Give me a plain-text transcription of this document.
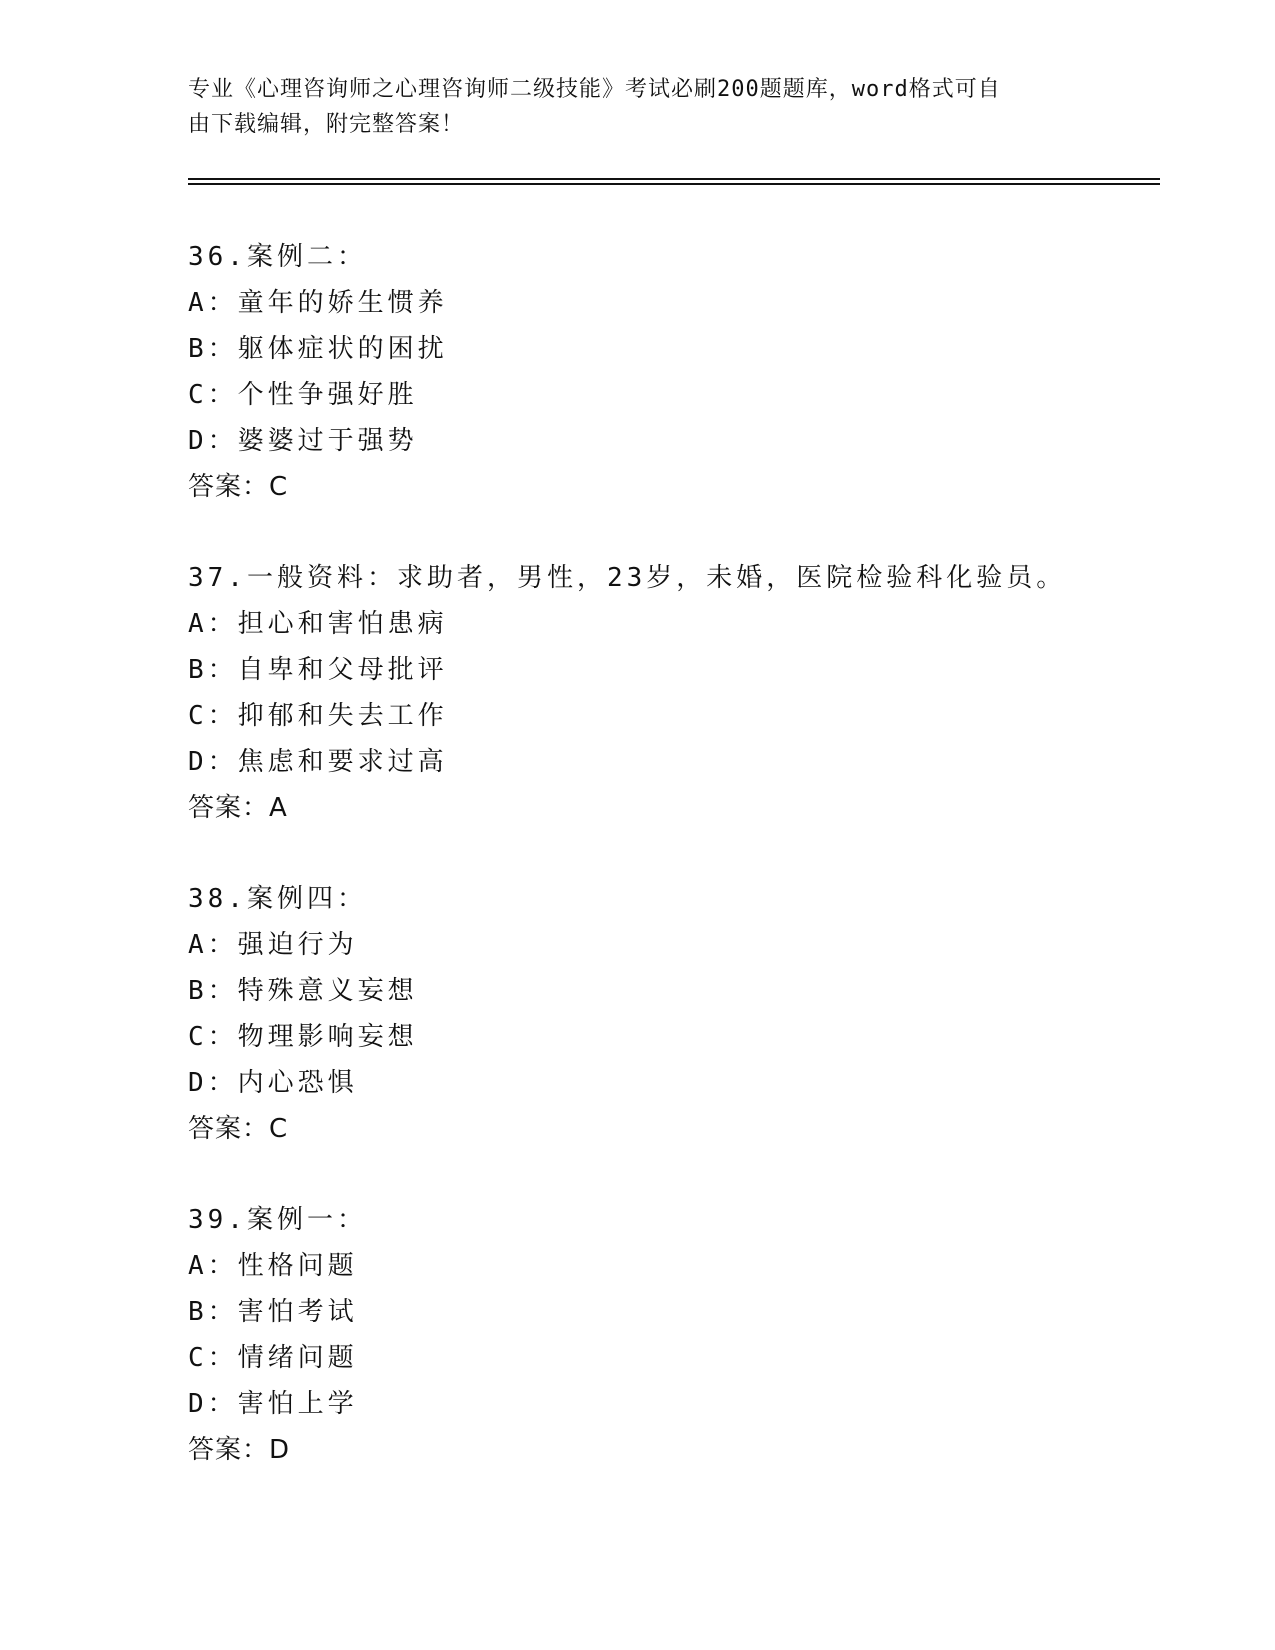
专业《心理咨询师之心理咨询师二级技能》考试必刷200题题库，word格式可自
由下载编辑，附完整答案！
36.案例二：
A：童年的娇生惯养
B：躯体症状的困扰
C：个性争强好胜
D：婆婆过于强势
答案：C
37.一般资料：求助者，男性，23岁，未婚，医院检验科化验员。
A：担心和害怕患病
B：自卑和父母批评
C：抑郁和失去工作
D：焦虑和要求过高
答案：A
38.案例四：
A：强迫行为
B：特殊意义妄想
C：物理影响妄想
D：内心恐惧
答案：C
39.案例一：
A：性格问题
B：害怕考试
C：情绪问题
D：害怕上学
答案：D
